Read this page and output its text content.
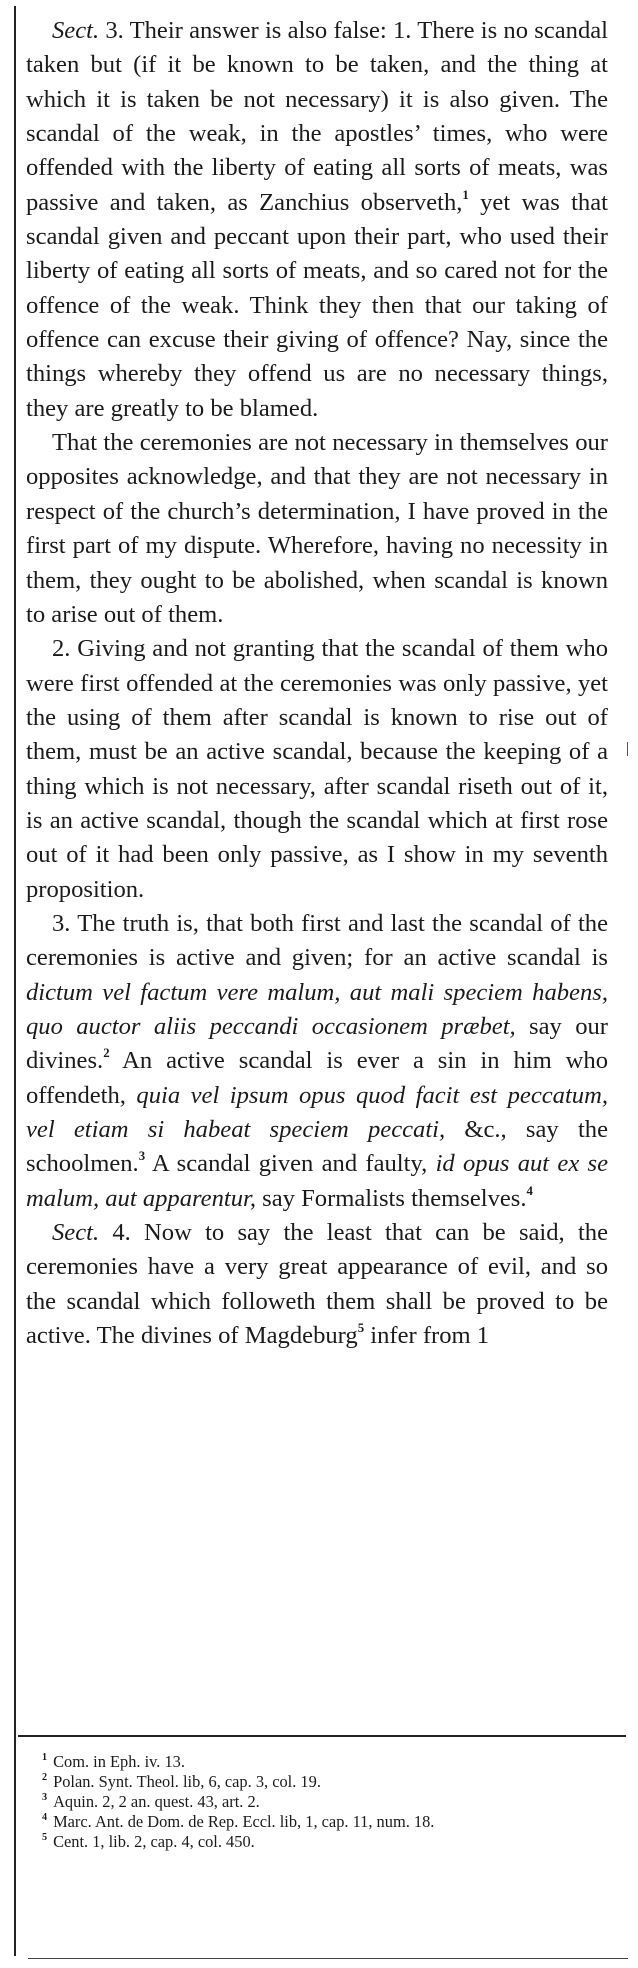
Sect. 3. Their answer is also false: 1. There is no scandal taken but (if it be known to be taken, and the thing at which it is taken be not necessary) it is also given. The scandal of the weak, in the apostles’ times, who were offended with the liberty of eating all sorts of meats, was passive and taken, as Zanchius observeth,$^1$ yet was that scandal given and peccant upon their part, who used their liberty of eating all sorts of meats, and so cared not for the offence of the weak. Think they then that our taking of offence can excuse their giving of offence? Nay, since the things whereby they offend us are no necessary things, they are greatly to be blamed.

That the ceremonies are not necessary in themselves our opposites acknowledge, and that they are not necessary in respect of the church’s determination, I have proved in the first part of my dispute. Wherefore, having no necessity in them, they ought to be abolished, when scandal is known to arise out of them.

2. Giving and not granting that the scandal of them who were first offended at the ceremonies was only passive, yet the using of them after scandal is known to rise out of them, must be an active scandal, because the keeping of a thing which is not necessary, after scandal riseth out of it, is an active scandal, though the scandal which at first rose out of it had been only passive, as I show in my seventh proposition.

3. The truth is, that both first and last the scandal of the ceremonies is active and given; for an active scandal is dictum vel factum vere malum, aut mali speciem habens, quo auctor aliis peccandi occasionem præbet, say our divines.$^2$ An active scandal is ever a sin in him who offendeth, quia vel ipsum opus quod facit est peccatum, vel etiam si habeat speciem peccati, &c., say the schoolmen.$^3$ A scandal given and faulty, id opus aut ex se malum, aut apparentur, say Formalists themselves.$^4$

Sect. 4. Now to say the least that can be said, the ceremonies have a very great appearance of evil, and so the scandal which followeth them shall be proved to be active. The divines of Magdeburg$^5$ infer from 1

$^1$ Com. in Eph. iv. 13.

$^2$ Polan. Synt. Theol. lib, 6, cap. 3, col. 19.

$^3$ Aquin. 2, 2 an. quest. 43, art. 2.

$^4$ Marc. Ant. de Dom. de Rep. Eccl. lib, 1, cap. 11, num. 18.

$^5$ Cent. 1, lib. 2, cap. 4, col. 450.
